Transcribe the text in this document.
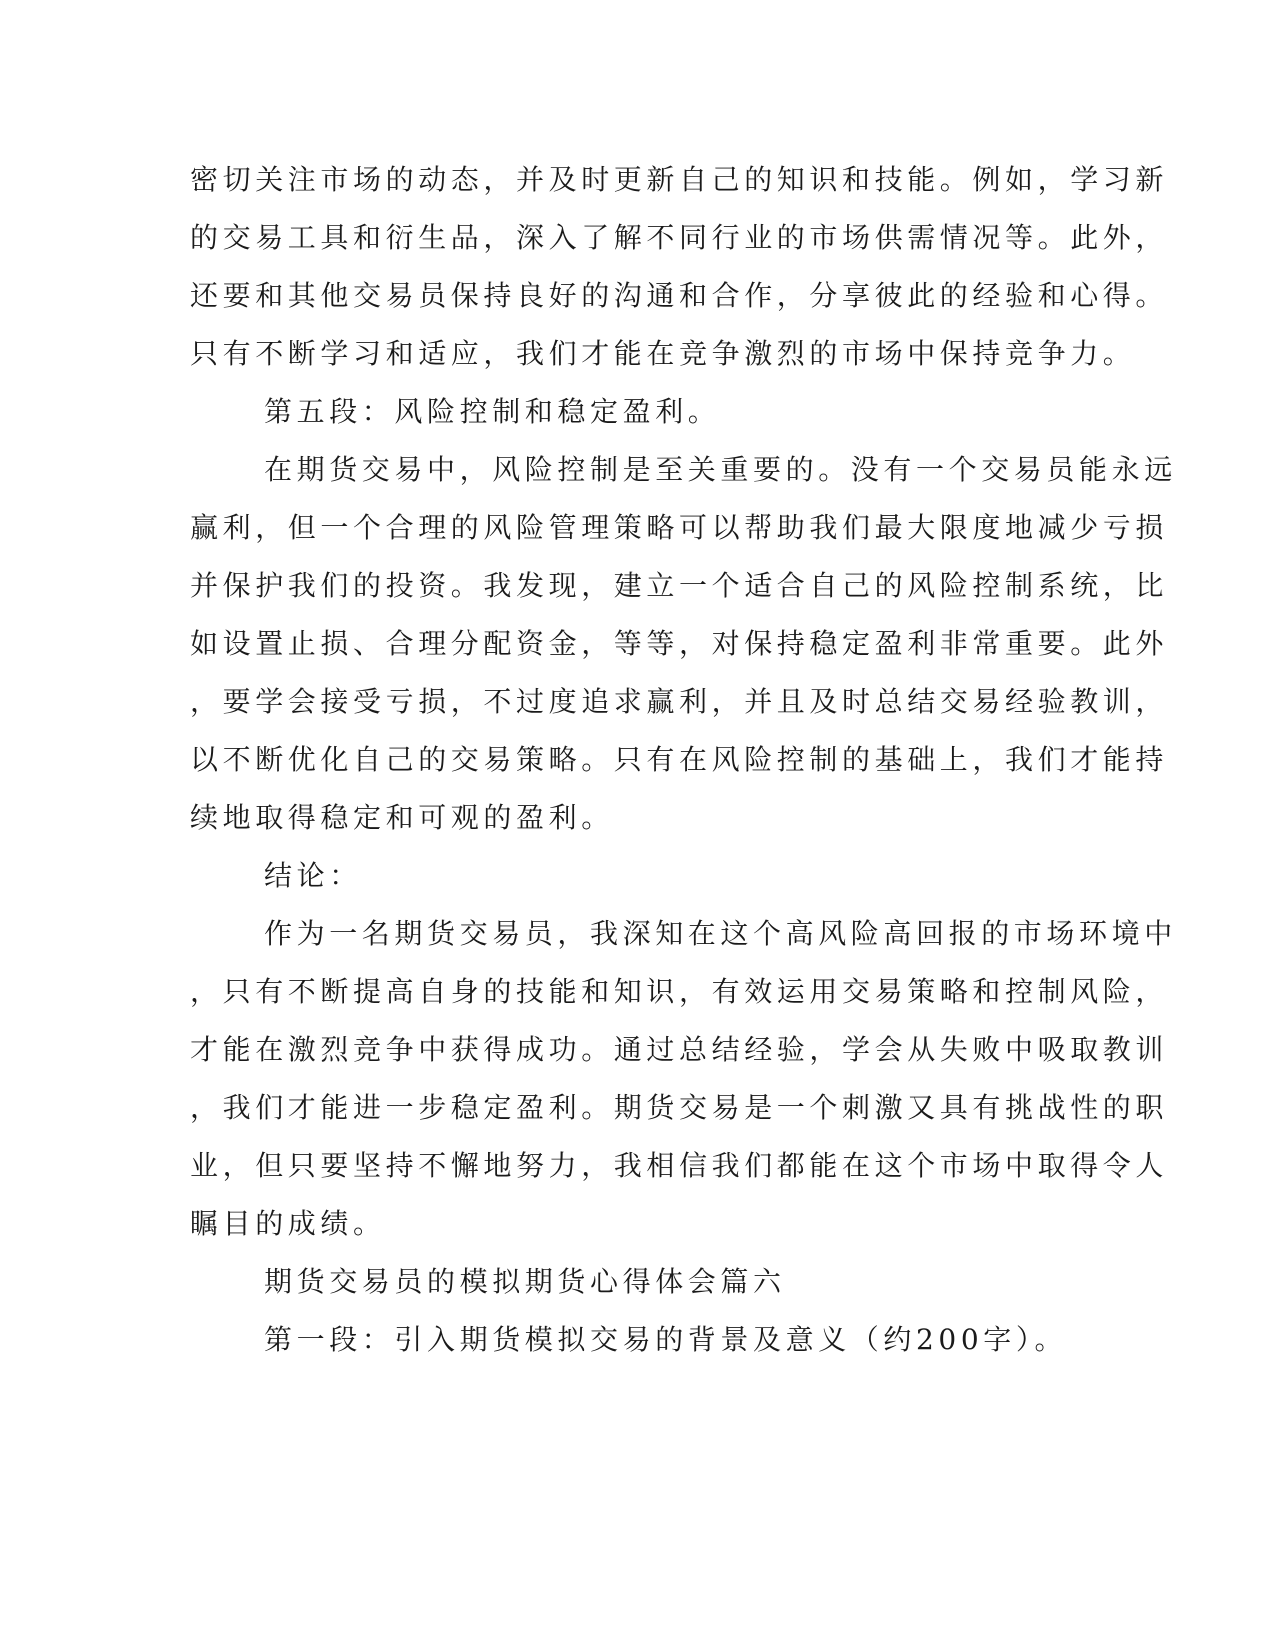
密切关注市场的动态，并及时更新自己的知识和技能。例如，学习新
的交易工具和衍生品，深入了解不同行业的市场供需情况等。此外，
还要和其他交易员保持良好的沟通和合作，分享彼此的经验和心得。
只有不断学习和适应，我们才能在竞争激烈的市场中保持竞争力。
第五段：风险控制和稳定盈利。
在期货交易中，风险控制是至关重要的。没有一个交易员能永远
赢利，但一个合理的风险管理策略可以帮助我们最大限度地减少亏损
并保护我们的投资。我发现，建立一个适合自己的风险控制系统，比
如设置止损、合理分配资金，等等，对保持稳定盈利非常重要。此外
，要学会接受亏损，不过度追求赢利，并且及时总结交易经验教训，
以不断优化自己的交易策略。只有在风险控制的基础上，我们才能持
续地取得稳定和可观的盈利。
结论：
作为一名期货交易员，我深知在这个高风险高回报的市场环境中
，只有不断提高自身的技能和知识，有效运用交易策略和控制风险，
才能在激烈竞争中获得成功。通过总结经验，学会从失败中吸取教训
，我们才能进一步稳定盈利。期货交易是一个刺激又具有挑战性的职
业，但只要坚持不懈地努力，我相信我们都能在这个市场中取得令人
瞩目的成绩。
期货交易员的模拟期货心得体会篇六
第一段：引入期货模拟交易的背景及意义（约200字）。
